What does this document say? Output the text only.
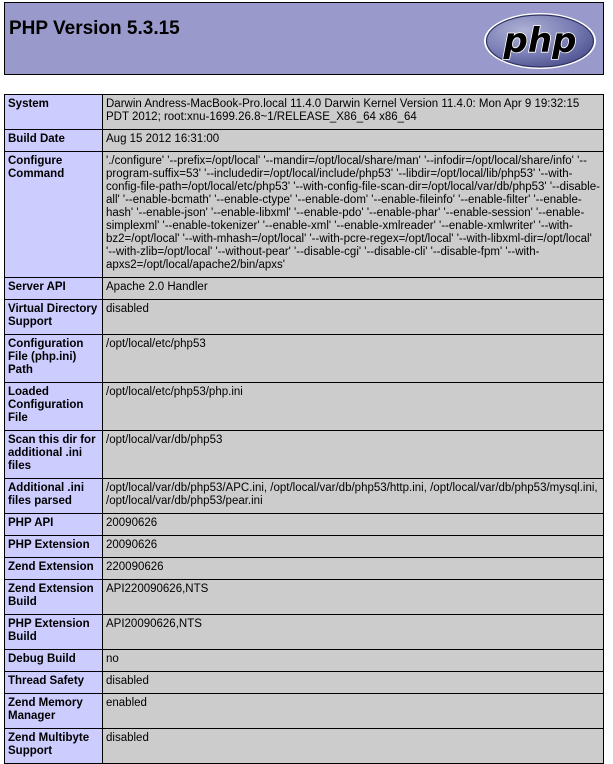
PHP Version 5.3.15	php
System	Darwin Andress-MacBook-Pro.local 11.4.0 Darwin Kernel Version 11.4.0: Mon Apr 9 19:32:15 PDT 2012; root:xnu-1699.26.8~1/RELEASE_X86_64 x86_64
Build Date	Aug 15 2012 16:31:00
Configure Command	'./configure' '--prefix=/opt/local' '--mandir=/opt/local/share/man' '--infodir=/opt/local/share/info' '--program-suffix=53' '--includedir=/opt/local/include/php53' '--libdir=/opt/local/lib/php53' '--with-config-file-path=/opt/local/etc/php53' '--with-config-file-scan-dir=/opt/local/var/db/php53' '--disable-all' '--enable-bcmath' '--enable-ctype' '--enable-dom' '--enable-fileinfo' '--enable-filter' '--enable-hash' '--enable-json' '--enable-libxml' '--enable-pdo' '--enable-phar' '--enable-session' '--enable-simplexml' '--enable-tokenizer' '--enable-xml' '--enable-xmlreader' '--enable-xmlwriter' '--with-bz2=/opt/local' '--with-mhash=/opt/local' '--with-pcre-regex=/opt/local' '--with-libxml-dir=/opt/local' '--with-zlib=/opt/local' '--without-pear' '--disable-cgi' '--disable-cli' '--disable-fpm' '--with-apxs2=/opt/local/apache2/bin/apxs'
Server API	Apache 2.0 Handler
Virtual Directory Support	disabled
Configuration File (php.ini) Path	/opt/local/etc/php53
Loaded Configuration File	/opt/local/etc/php53/php.ini
Scan this dir for additional .ini files	/opt/local/var/db/php53
Additional .ini files parsed	/opt/local/var/db/php53/APC.ini, /opt/local/var/db/php53/http.ini, /opt/local/var/db/php53/mysql.ini, /opt/local/var/db/php53/pear.ini
PHP API	20090626
PHP Extension	20090626
Zend Extension	220090626
Zend Extension Build	API220090626,NTS
PHP Extension Build	API20090626,NTS
Debug Build	no
Thread Safety	disabled
Zend Memory Manager	enabled
Zend Multibyte Support	disabled
